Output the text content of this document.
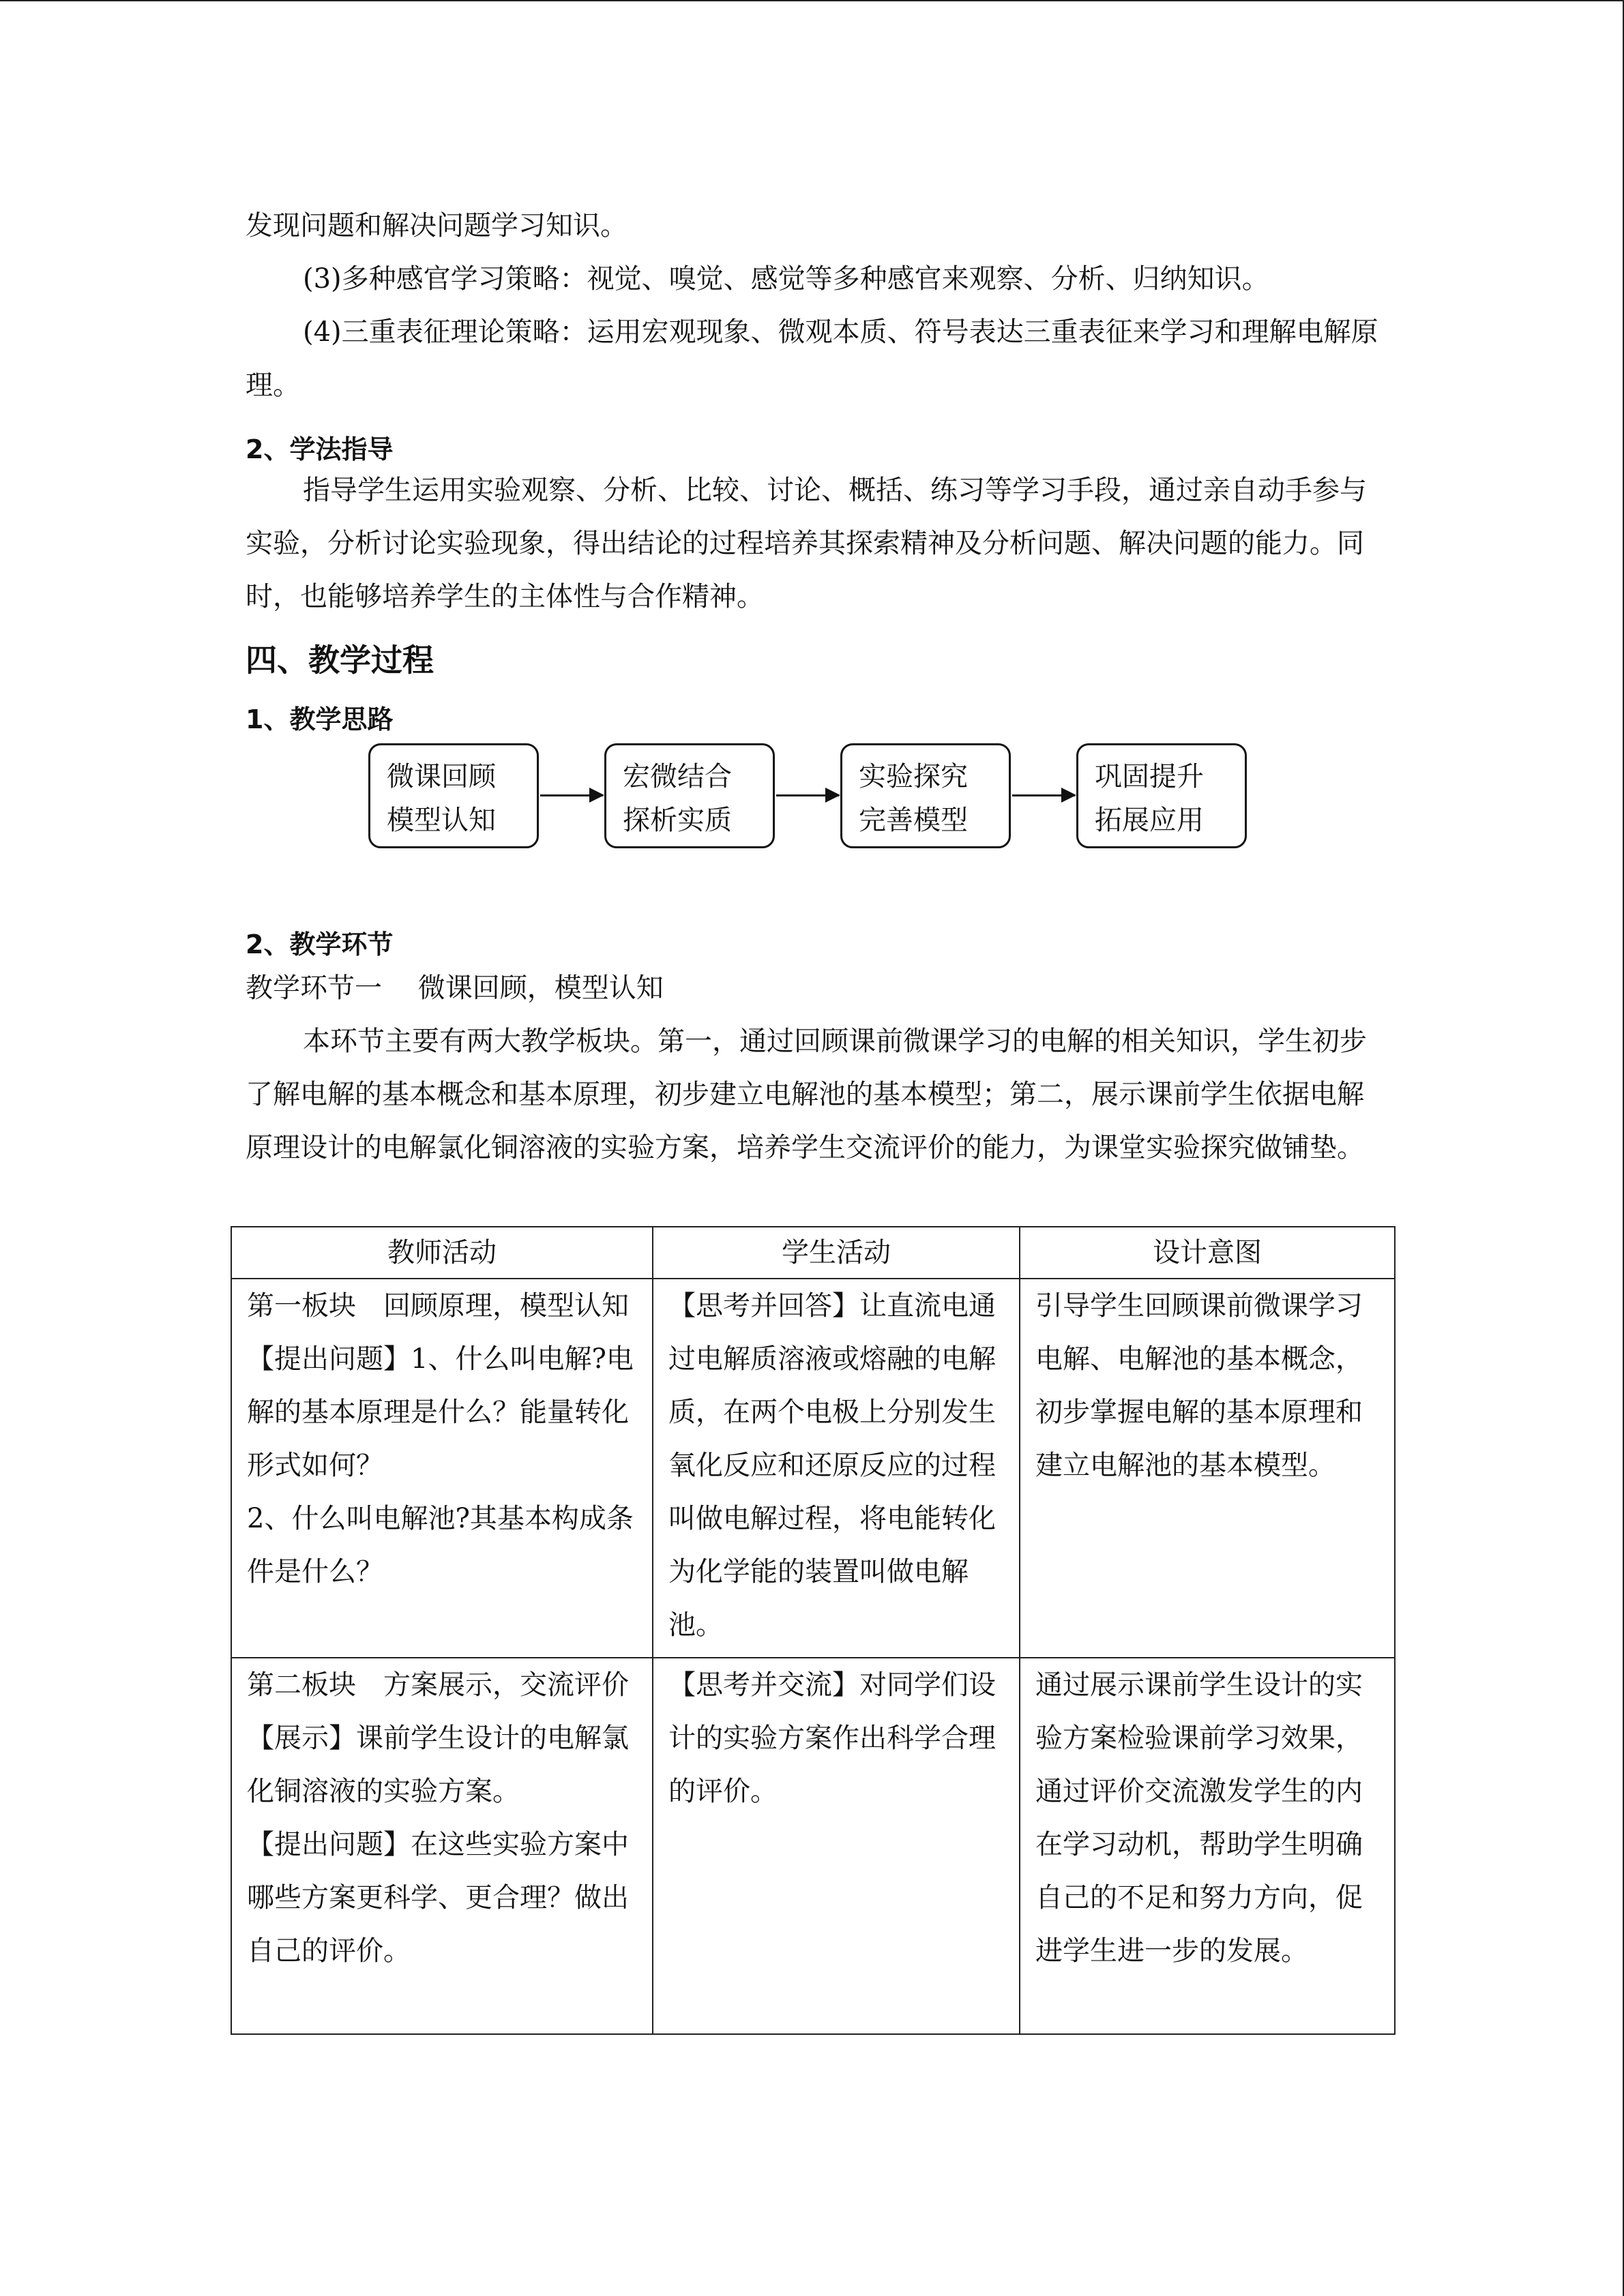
发现问题和解决问题学习知识。

(3)多种感官学习策略：视觉、嗅觉、感觉等多种感官来观察、分析、归纳知识。

(4)三重表征理论策略：运用宏观现象、微观本质、符号表达三重表征来学习和理解电解原理。

2、学法指导

指导学生运用实验观察、分析、比较、讨论、概括、练习等学习手段，通过亲自动手参与实验，分析讨论实验现象，得出结论的过程培养其探索精神及分析问题、解决问题的能力。同时，也能够培养学生的主体性与合作精神。

四、教学过程
1、教学思路
微课回顾
模型认知
宏微结合
探析实质
实验探究
完善模型
巩固提升
拓展应用
2、教学环节

教学环节一　 微课回顾，模型认知

本环节主要有两大教学板块。第一，通过回顾课前微课学习的电解的相关知识，学生初步了解电解的基本概念和基本原理，初步建立电解池的基本模型；第二，展示课前学生依据电解原理设计的电解氯化铜溶液的实验方案，培养学生交流评价的能力，为课堂实验探究做铺垫。

教师活动	学生活动	设计意图

第一板块　回顾原理，模型认知
【提出问题】1、什么叫电解?电解的基本原理是什么？能量转化形式如何？
2、什么叫电解池?其基本构成条件是什么？	【思考并回答】让直流电通过电解质溶液或熔融的电解质，在两个电极上分别发生氧化反应和还原反应的过程叫做电解过程，将电能转化为化学能的装置叫做电解池。	引导学生回顾课前微课学习电解、电解池的基本概念，初步掌握电解的基本原理和建立电解池的基本模型。

第二板块　方案展示，交流评价
【展示】课前学生设计的电解氯化铜溶液的实验方案。
【提出问题】在这些实验方案中哪些方案更科学、更合理？做出自己的评价。	【思考并交流】对同学们设计的实验方案作出科学合理的评价。	通过展示课前学生设计的实验方案检验课前学习效果，通过评价交流激发学生的内在学习动机，帮助学生明确自己的不足和努力方向，促进学生进一步的发展。
